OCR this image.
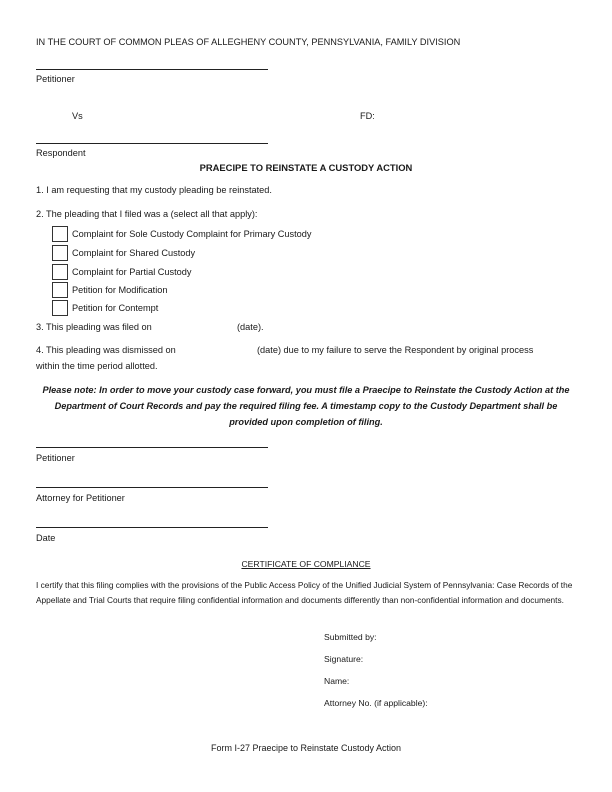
IN THE COURT OF COMMON PLEAS OF ALLEGHENY COUNTY, PENNSYLVANIA, FAMILY DIVISION
Petitioner
Vs	FD:
Respondent
PRAECIPE TO REINSTATE A CUSTODY ACTION
1. I am requesting that my custody pleading be reinstated.
2. The pleading that I filed was a (select all that apply):
Complaint for Sole Custody Complaint for Primary Custody
Complaint for Shared Custody
Complaint for Partial Custody
Petition for Modification
Petition for Contempt
3. This pleading was filed on	(date).
4. This pleading was dismissed on	(date) due to my failure to serve the Respondent by original process
within the time period allotted.
Please note: In order to move your custody case forward, you must file a Praecipe to Reinstate the Custody Action at the Department of Court Records and pay the required filing fee. A timestamp copy to the Custody Department shall be provided upon completion of filing.
Petitioner
Attorney for Petitioner
Date
CERTIFICATE OF COMPLIANCE
I certify that this filing complies with the provisions of the Public Access Policy of the Unified Judicial System of Pennsylvania: Case Records of the Appellate and Trial Courts that require filing confidential information and documents differently than non-confidential information and documents.
Submitted by:
Signature:
Name:
Attorney No. (if applicable):
Form I-27 Praecipe to Reinstate Custody Action
